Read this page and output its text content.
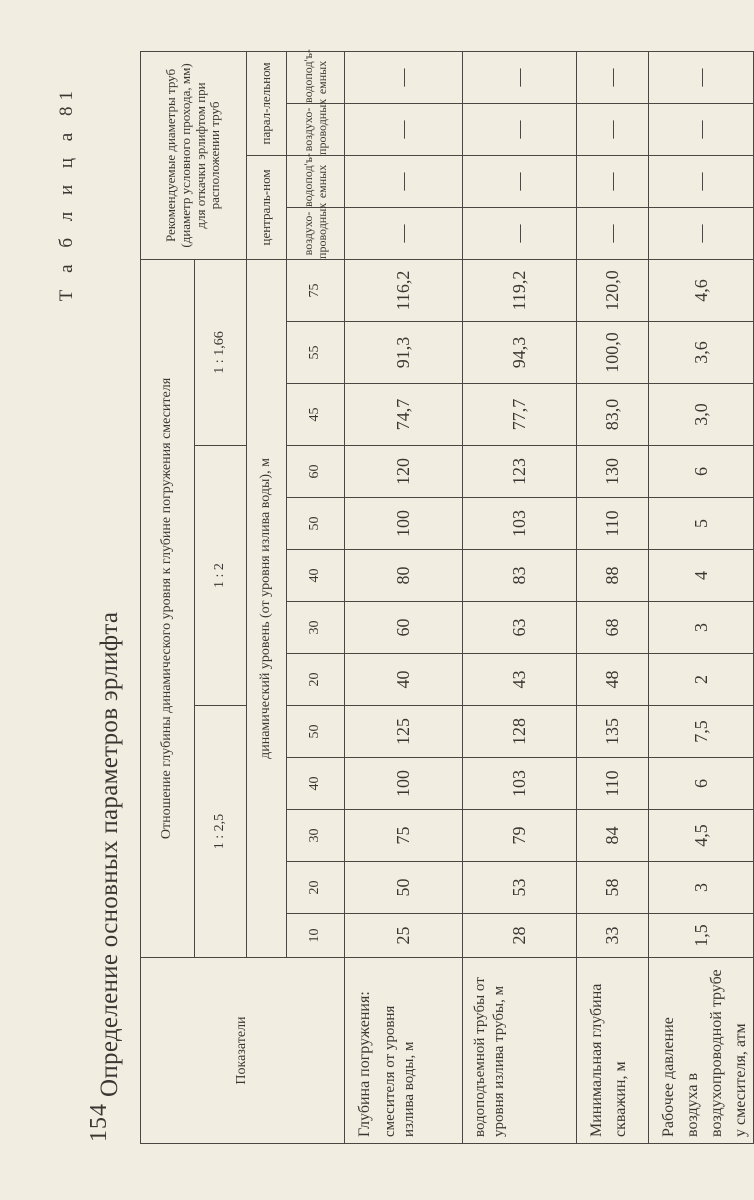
154
Определение основных параметров эрлифта
Т а б л и ц а 81
Показатели	Отношение глубины динамического уровня к глубине погружения смесителя													Рекомендуемые диаметры труб (диаметр условного прохода, мм) для откачки эрлифтом при расположении труб			
	1 : 2,5					1 : 2					1 : 1,66						
	динамический уровень (от уровня излива воды), м													централь-ном		парал-лельном	
	10	20	30	40	50	20	30	40	50	60	45	55	75	воздухо-проводных	водопод'ъ-емных	воздухо-проводных	водопод'ъ-емных
Глубина погружения: смесителя от уровня излива воды, м	25	50	75	100	125	40	60	80	100	120	74,7	91,3	116,2	—	—	—	—

водоподъемной трубы от уровня излива трубы, м	28	53	79	103	128	43	63	83	103	123	77,7	94,3	119,2	—	—	—	—
Минимальная глубина скважин, м	33	58	84	110	135	48	68	88	110	130	83,0	100,0	120,0	—	—	—	—
Рабочее давление воздуха в воздухопроводной трубе у смесителя, атм	1,5	3	4,5	6	7,5	2	3	4	5	6	3,0	3,6	4,6	—	—	—	—
